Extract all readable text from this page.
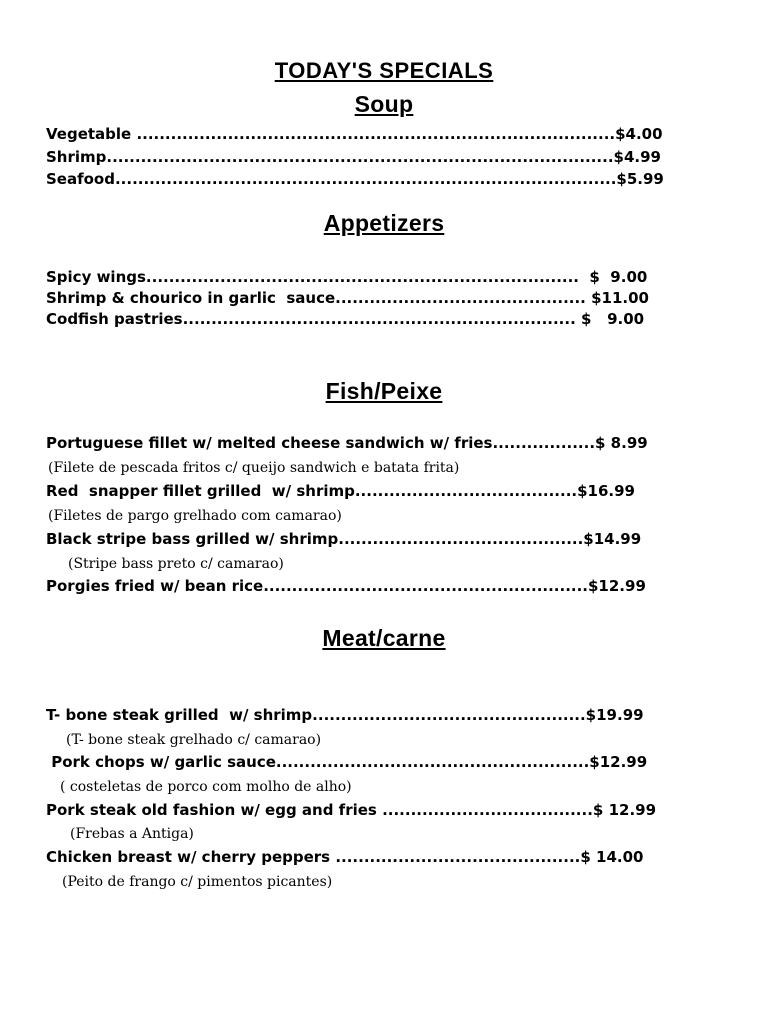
TODAY'S SPECIALS
Soup
Vegetable ....................................................................................$4.00
Shrimp.........................................................................................$4.99
Seafood........................................................................................$5.99
Appetizers
Spicy wings............................................................................  $  9.00
Shrimp & chourico in garlic  sauce............................................ $11.00
Codfish pastries..................................................................... $   9.00
Fish/Peixe
Portuguese fillet w/ melted cheese sandwich w/ fries..................$ 8.99
(Filete de pescada fritos c/ queijo sandwich e batata frita)
Red  snapper fillet grilled  w/ shrimp.......................................$16.99
(Filetes de pargo grelhado com camarao)
Black stripe bass grilled w/ shrimp...........................................$14.99
(Stripe bass preto c/ camarao)
Porgies fried w/ bean rice.........................................................$12.99
Meat/carne
T- bone steak grilled  w/ shrimp................................................$19.99
(T- bone steak grelhado c/ camarao)
Pork chops w/ garlic sauce.......................................................$12.99
( costeletas de porco com molho de alho)
Pork steak old fashion w/ egg and fries .....................................$ 12.99
(Frebas a Antiga)
Chicken breast w/ cherry peppers ...........................................$ 14.00
(Peito de frango c/ pimentos picantes)
